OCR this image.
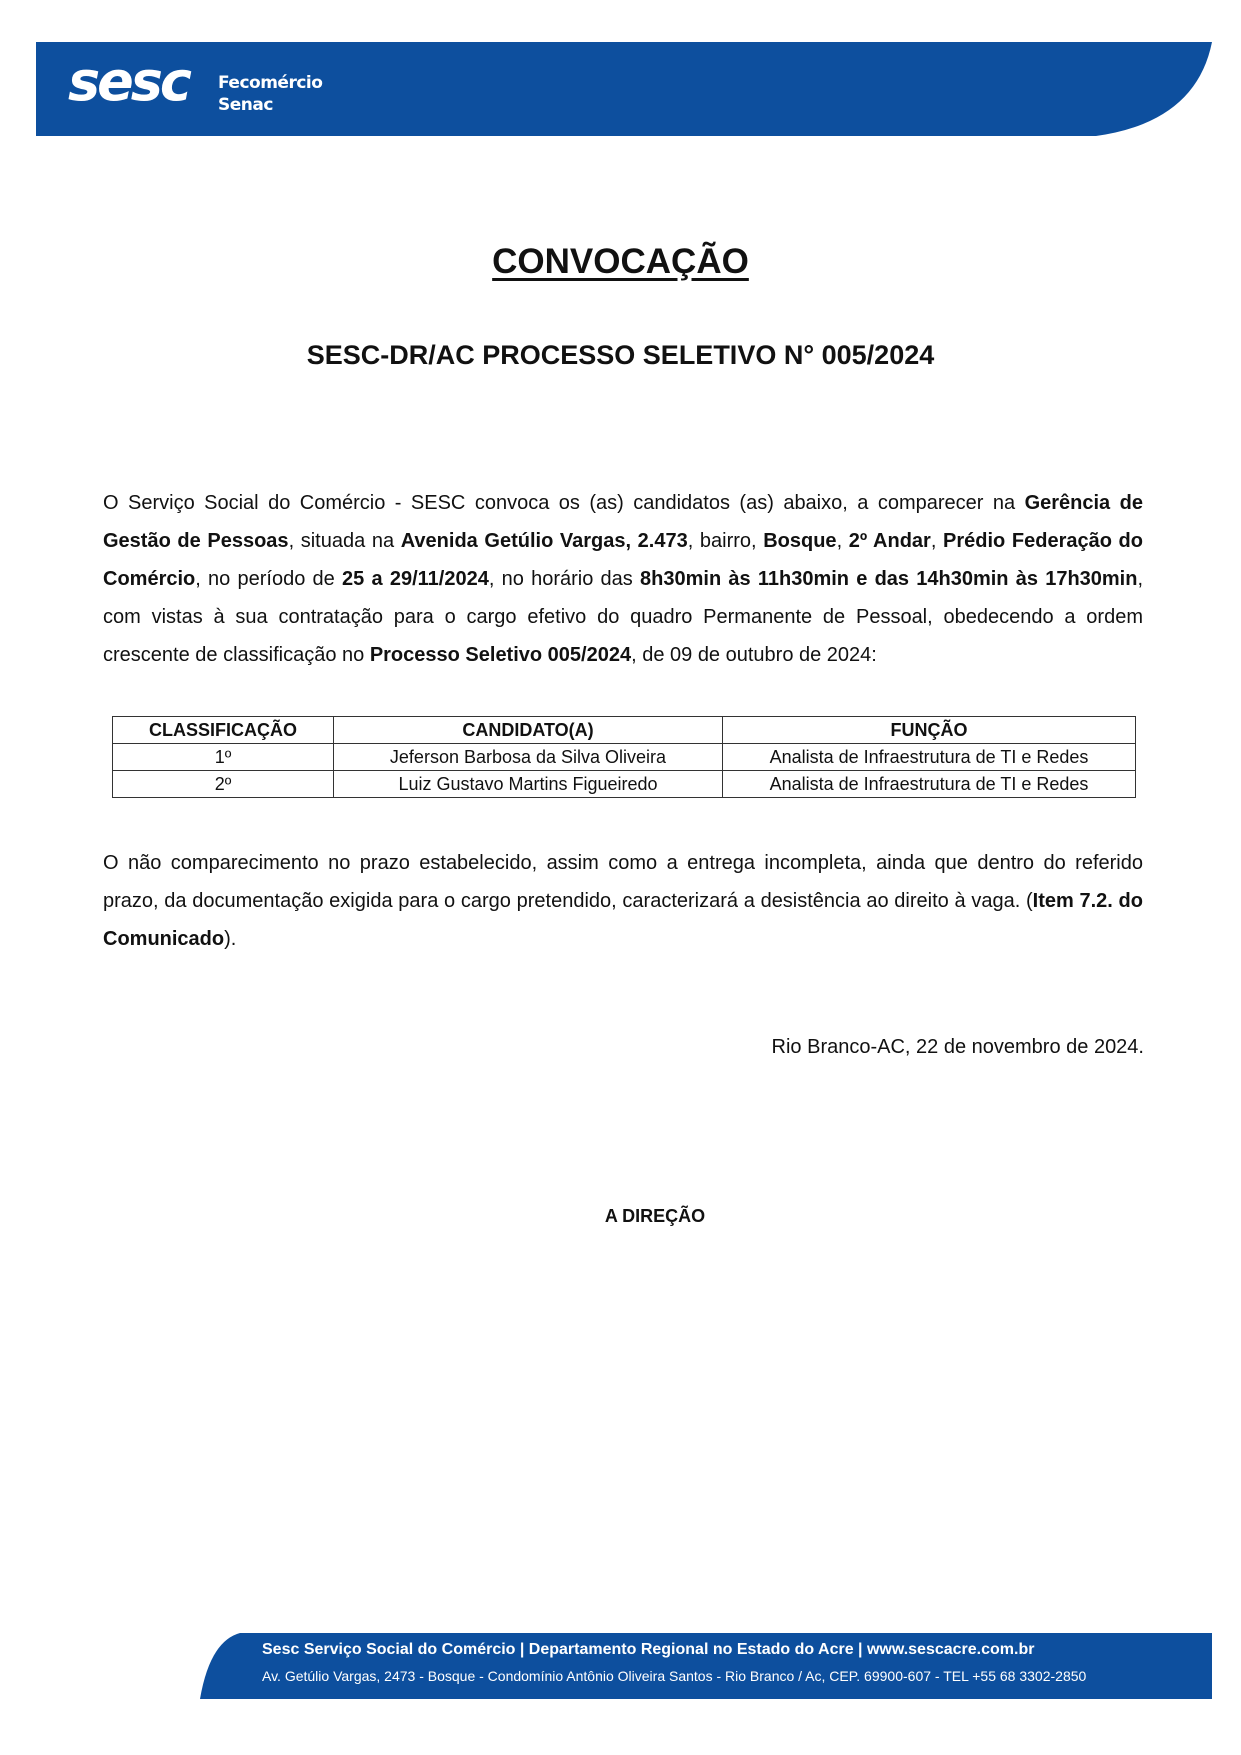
sesc Fecomércio
Senac
CONVOCAÇÃO
SESC-DR/AC PROCESSO SELETIVO N° 005/2024
O Serviço Social do Comércio - SESC convoca os (as) candidatos (as) abaixo, a comparecer na Gerência de Gestão de Pessoas, situada na Avenida Getúlio Vargas, 2.473, bairro, Bosque, 2º Andar, Prédio Federação do Comércio, no período de 25 a 29/11/2024, no horário das 8h30min às 11h30min e das 14h30min às 17h30min, com vistas à sua contratação para o cargo efetivo do quadro Permanente de Pessoal, obedecendo a ordem crescente de classificação no Processo Seletivo 005/2024, de 09 de outubro de 2024:
CLASSIFICAÇÃO	CANDIDATO(A)	FUNÇÃO
1º	Jeferson Barbosa da Silva Oliveira	Analista de Infraestrutura de TI e Redes
2º	Luiz Gustavo Martins Figueiredo	Analista de Infraestrutura de TI e Redes
O não comparecimento no prazo estabelecido, assim como a entrega incompleta, ainda que dentro do referido prazo, da documentação exigida para o cargo pretendido, caracterizará a desistência ao direito à vaga. (Item 7.2. do Comunicado).
Rio Branco-AC, 22 de novembro de 2024.
A DIREÇÃO
Sesc Serviço Social do Comércio | Departamento Regional no Estado do Acre | www.sescacre.com.br
Av. Getúlio Vargas, 2473 - Bosque - Condomínio Antônio Oliveira Santos - Rio Branco / Ac, CEP. 69900-607 - TEL +55 68 3302-2850
